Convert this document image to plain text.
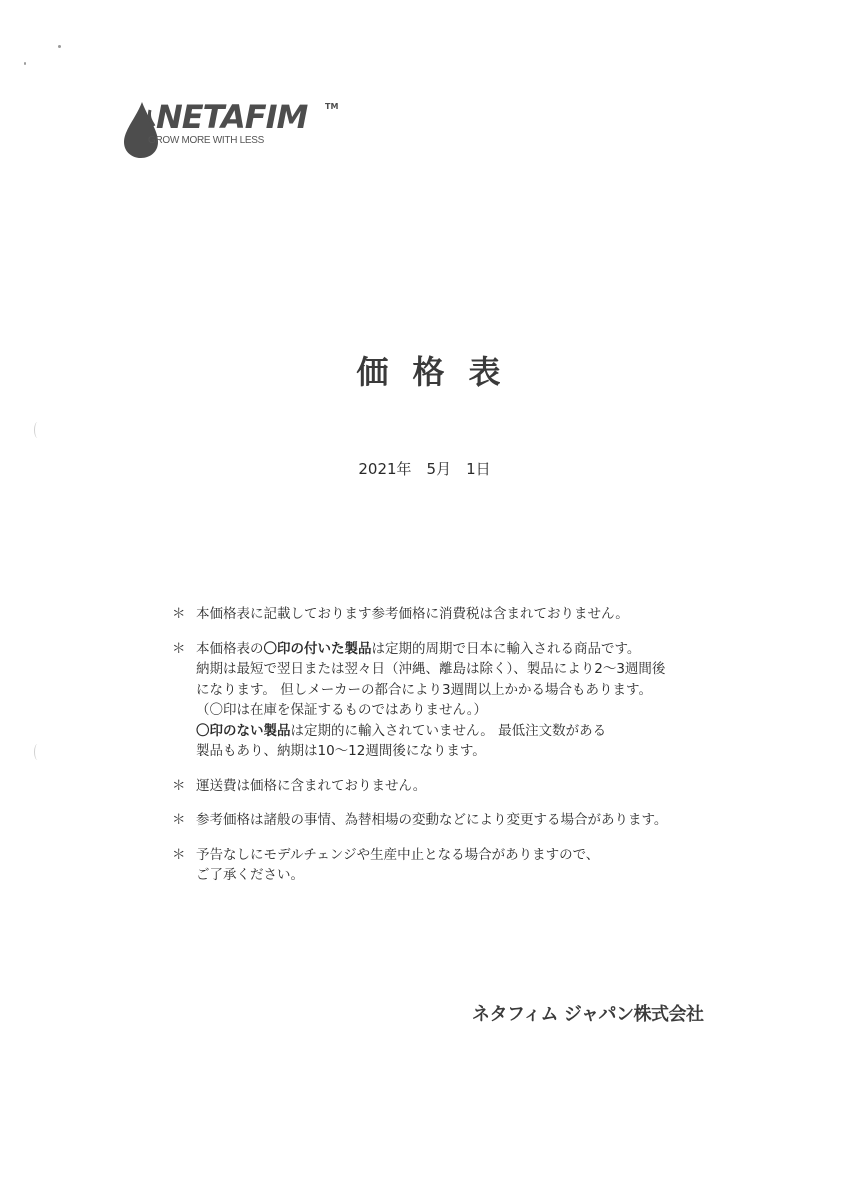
NETAFIM TM
GROW MORE WITH LESS
価格表
2021年　5月　1日
＊ 本価格表に記載しております参考価格に消費税は含まれておりません。
＊ 本価格表の〇印の付いた製品は定期的周期で日本に輸入される商品です。
納期は最短で翌日または翌々日（沖縄、離島は除く）、製品により2～3週間後
になります。 但しメーカーの都合により3週間以上かかる場合もあります。
（〇印は在庫を保証するものではありません。）
〇印のない製品は定期的に輸入されていません。 最低注文数がある
製品もあり、納期は10～12週間後になります。
＊ 運送費は価格に含まれておりません。
＊ 参考価格は諸般の事情、為替相場の変動などにより変更する場合があります。
＊ 予告なしにモデルチェンジや生産中止となる場合がありますので、
ご了承ください。
ネタフィム ジャパン株式会社
